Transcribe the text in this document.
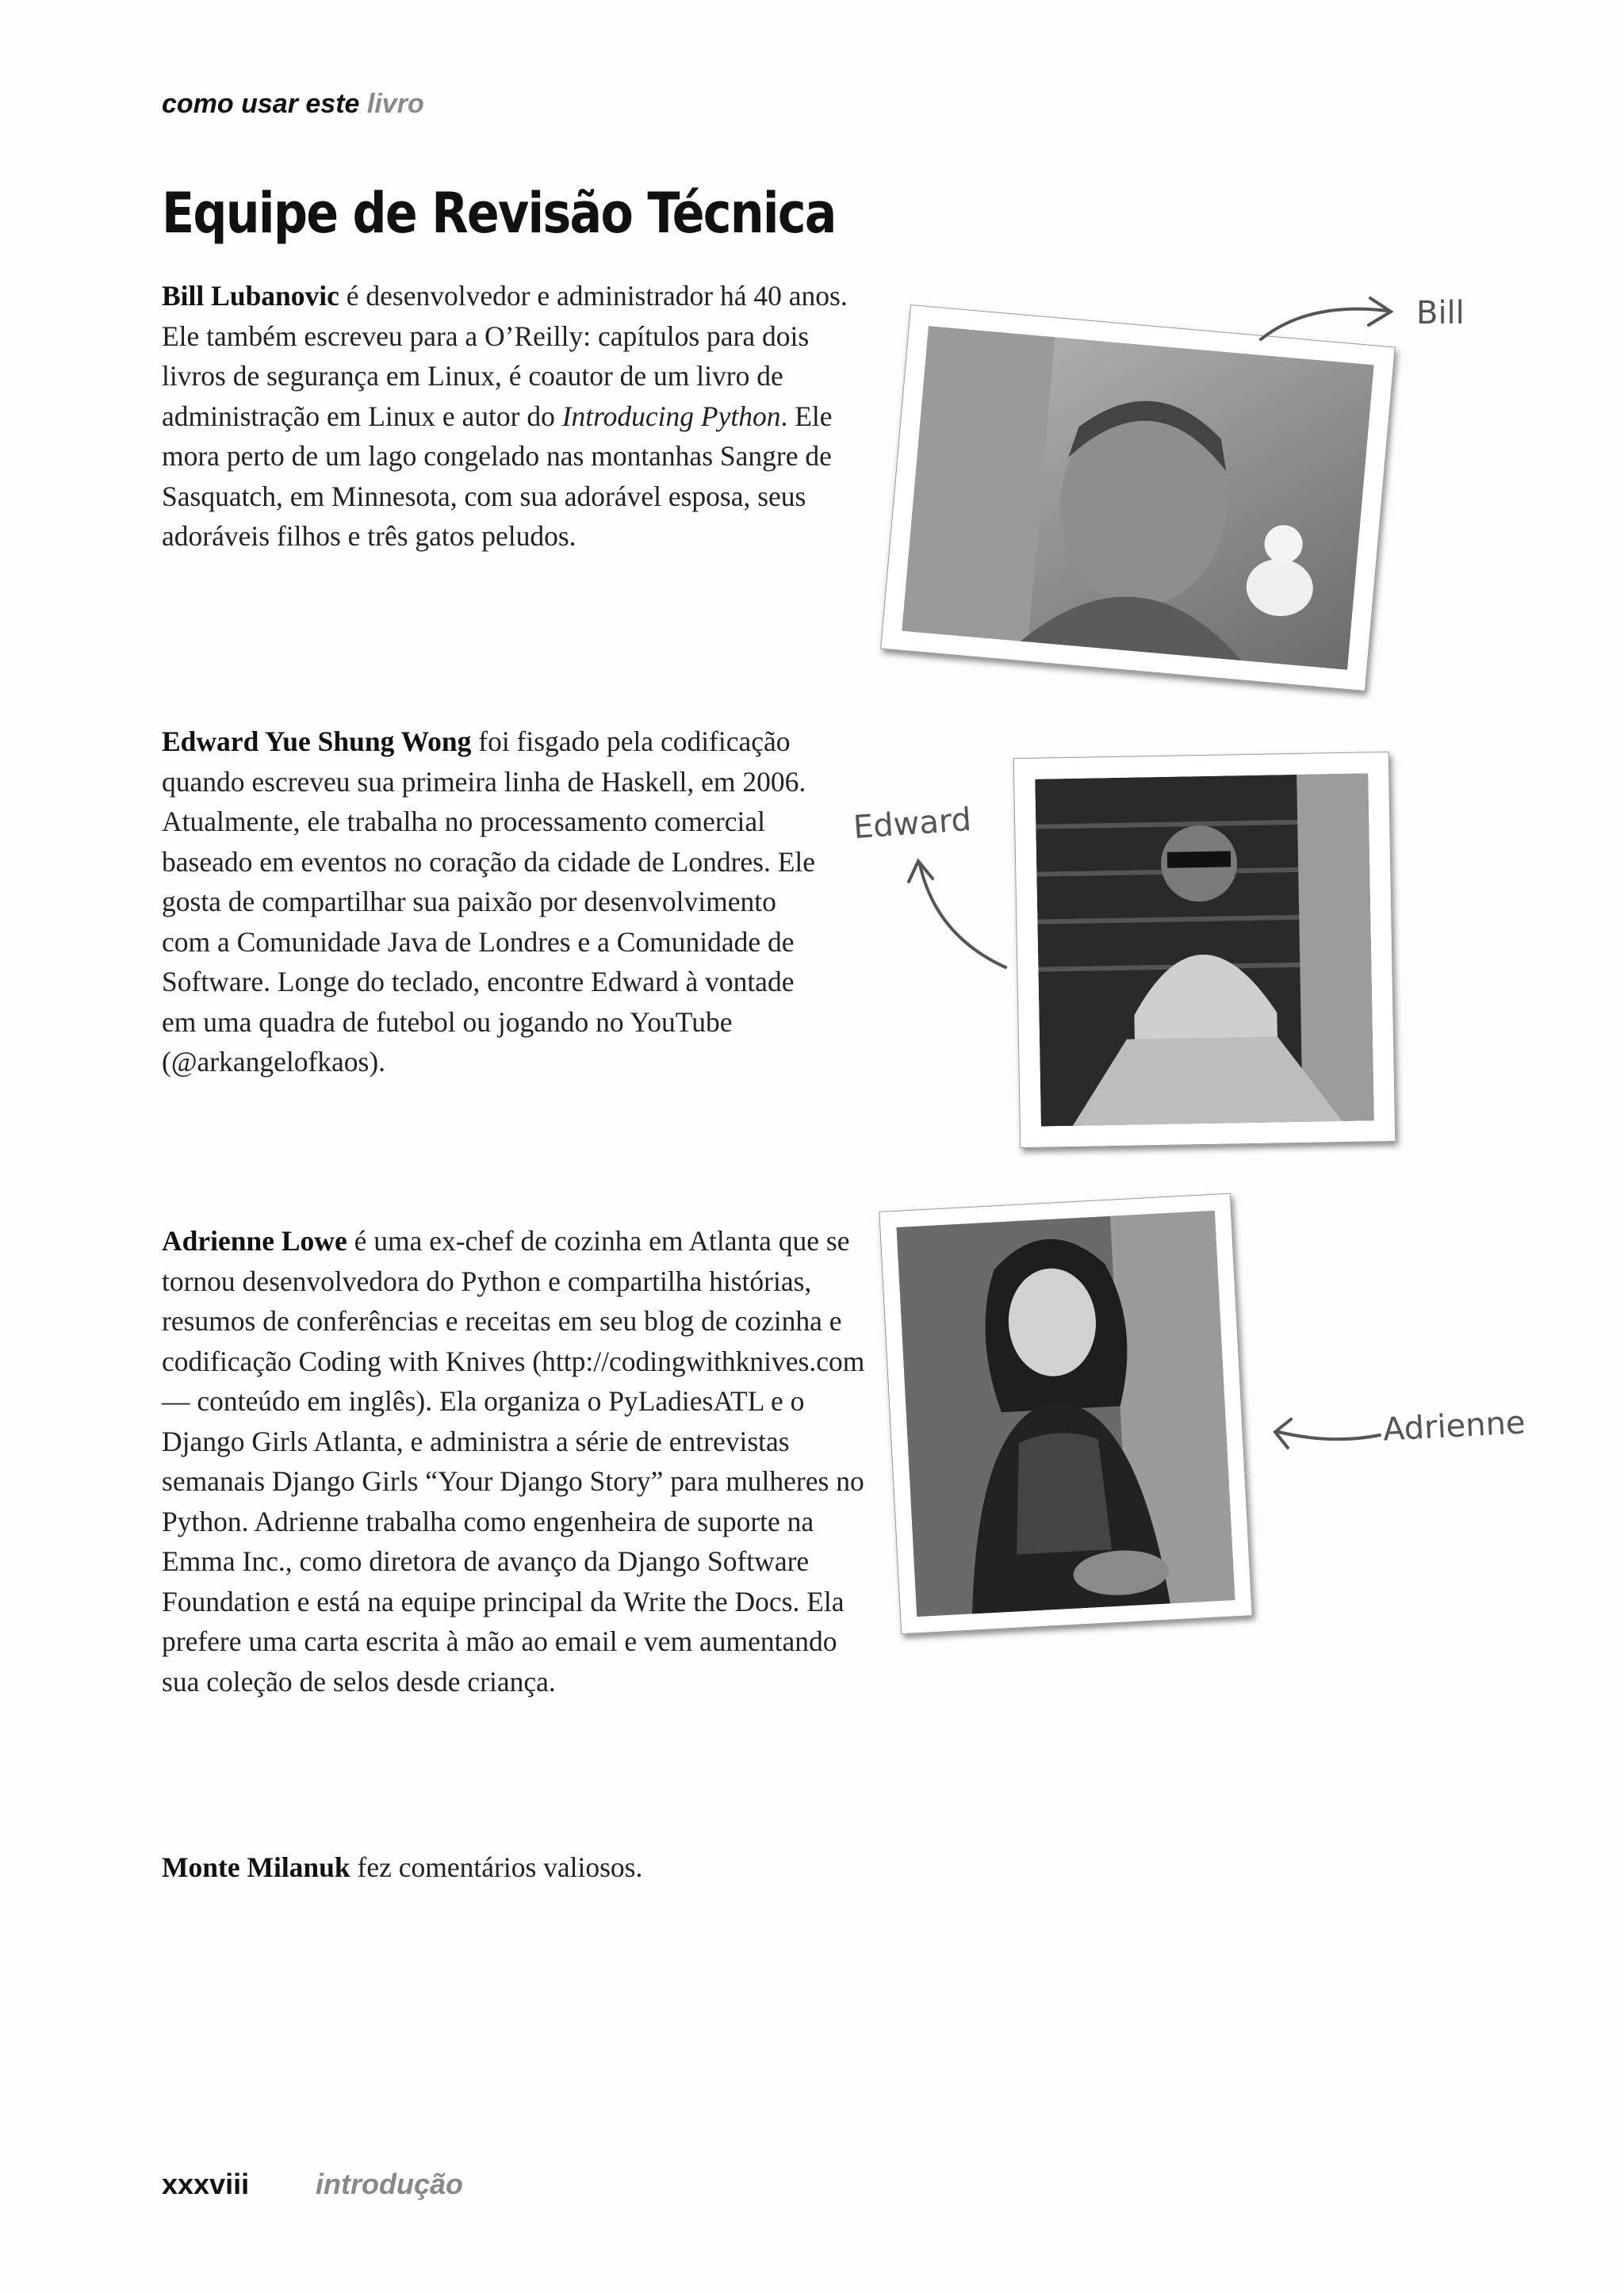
como usar este livro
Equipe de Revisão Técnica

Bill Lubanovic é desenvolvedor e administrador há 40 anos. Ele também escreveu para a O’Reilly: capítulos para dois livros de segurança em Linux, é coautor de um livro de administração em Linux e autor do Introducing Python. Ele mora perto de um lago congelado nas montanhas Sangre de Sasquatch, em Minnesota, com sua adorável esposa, seus adoráveis filhos e três gatos peludos.

Edward Yue Shung Wong foi fisgado pela codificação quando escreveu sua primeira linha de Haskell, em 2006. Atualmente, ele trabalha no processamento comercial baseado em eventos no coração da cidade de Londres. Ele gosta de compartilhar sua paixão por desenvolvimento com a Comunidade Java de Londres e a Comunidade de Software. Longe do teclado, encontre Edward à vontade em uma quadra de futebol ou jogando no YouTube (@arkangelofkaos).

Adrienne Lowe é uma ex-chef de cozinha em Atlanta que se tornou desenvolvedora do Python e compartilha histórias, resumos de conferências e receitas em seu blog de cozinha e codificação Coding with Knives (http://codingwithknives.com — conteúdo em inglês). Ela organiza o PyLadiesATL e o Django Girls Atlanta, e administra a série de entrevistas semanais Django Girls “Your Django Story” para mulheres no Python. Adrienne trabalha como engenheira de suporte na Emma Inc., como diretora de avanço da Django Software Foundation e está na equipe principal da Write the Docs. Ela prefere uma carta escrita à mão ao email e vem aumentando sua coleção de selos desde criança.

Monte Milanuk fez comentários valiosos.

Bill
Edward
Adrienne
xxxviii introdução
